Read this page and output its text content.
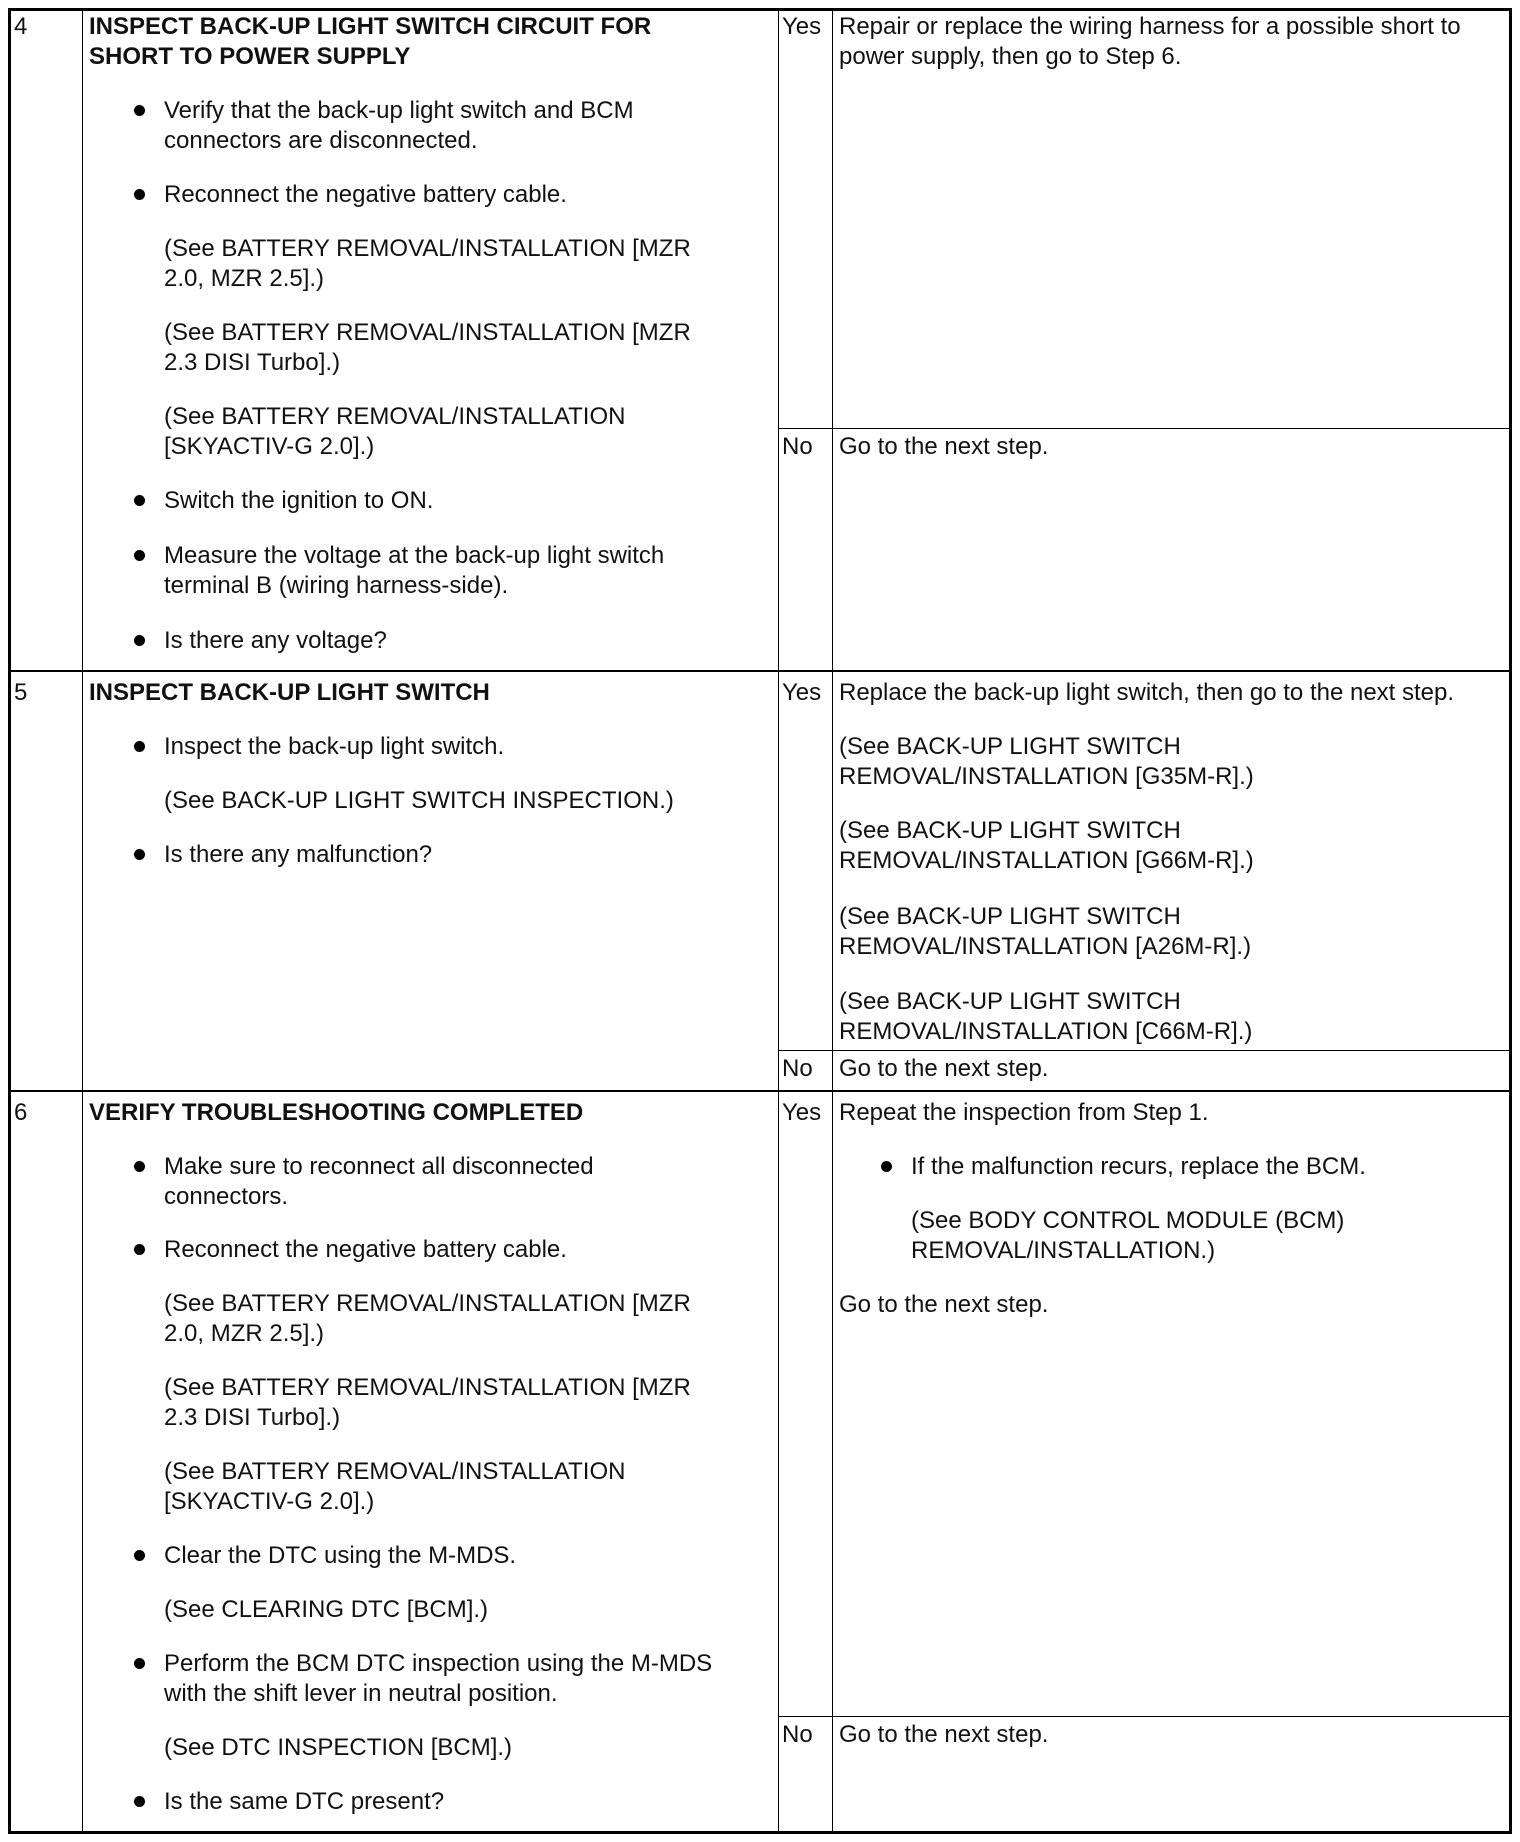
4	INSPECT BACK-UP LIGHT SWITCH CIRCUIT FOR
SHORT TO POWER SUPPLY
Verify that the back-up light switch and BCM
connectors are disconnected.
Reconnect the negative battery cable.
(See BATTERY REMOVAL/INSTALLATION [MZR
2.0, MZR 2.5].)
(See BATTERY REMOVAL/INSTALLATION [MZR
2.3 DISI Turbo].)
(See BATTERY REMOVAL/INSTALLATION
[SKYACTIV-G 2.0].)
Switch the ignition to ON.
Measure the voltage at the back-up light switch
terminal B (wiring harness-side).
Is there any voltage?
Yes Repair or replace the wiring harness for a possible short to
power supply, then go to Step 6.
No Go to the next step.
5	INSPECT BACK-UP LIGHT SWITCH
Inspect the back-up light switch.
(See BACK-UP LIGHT SWITCH INSPECTION.)
Is there any malfunction?
Yes Replace the back-up light switch, then go to the next step.
(See BACK-UP LIGHT SWITCH
REMOVAL/INSTALLATION [G35M-R].)
(See BACK-UP LIGHT SWITCH
REMOVAL/INSTALLATION [G66M-R].)
(See BACK-UP LIGHT SWITCH
REMOVAL/INSTALLATION [A26M-R].)
(See BACK-UP LIGHT SWITCH
REMOVAL/INSTALLATION [C66M-R].)
No Go to the next step.
6	VERIFY TROUBLESHOOTING COMPLETED
Make sure to reconnect all disconnected
connectors.
Reconnect the negative battery cable.
(See BATTERY REMOVAL/INSTALLATION [MZR
2.0, MZR 2.5].)
(See BATTERY REMOVAL/INSTALLATION [MZR
2.3 DISI Turbo].)
(See BATTERY REMOVAL/INSTALLATION
[SKYACTIV-G 2.0].)
Clear the DTC using the M-MDS.
(See CLEARING DTC [BCM].)
Perform the BCM DTC inspection using the M-MDS
with the shift lever in neutral position.
(See DTC INSPECTION [BCM].)
Is the same DTC present?
Yes Repeat the inspection from Step 1.
If the malfunction recurs, replace the BCM.
(See BODY CONTROL MODULE (BCM)
REMOVAL/INSTALLATION.)
Go to the next step.
No Go to the next step.
